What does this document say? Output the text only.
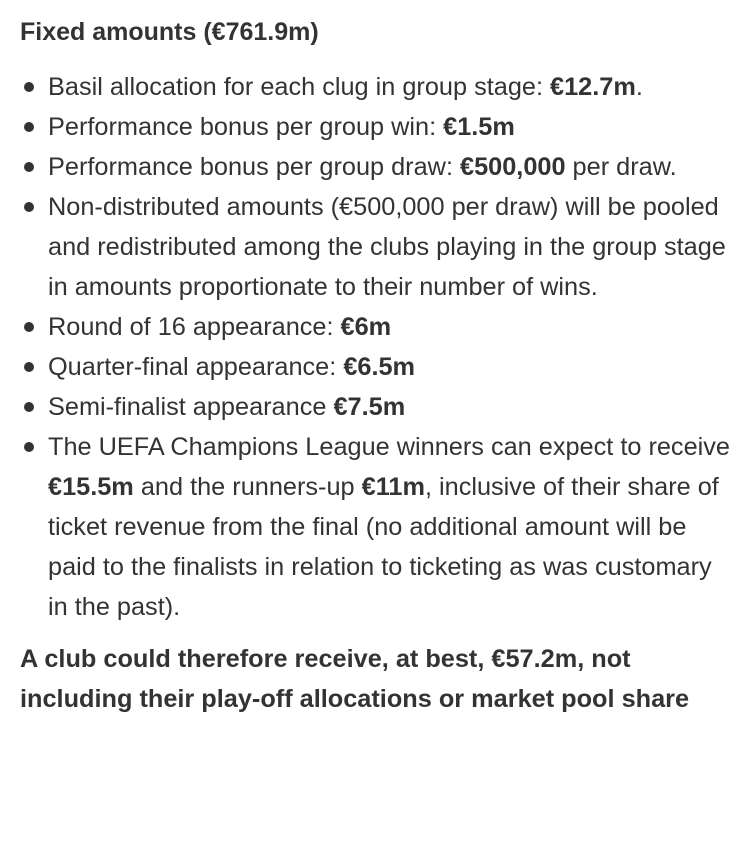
Fixed amounts (€761.9m)
Basil allocation for each clug in group stage: €12.7m.
Performance bonus per group win: €1.5m
Performance bonus per group draw: €500,000 per draw.
Non-distributed amounts (€500,000 per draw) will be pooled and redistributed among the clubs playing in the group stage in amounts proportionate to their number of wins.
Round of 16 appearance: €6m
Quarter-final appearance: €6.5m
Semi-finalist appearance €7.5m
The UEFA Champions League winners can expect to receive €15.5m and the runners-up €11m, inclusive of their share of ticket revenue from the final (no additional amount will be paid to the finalists in relation to ticketing as was customary in the past).

A club could therefore receive, at best, €57.2m, not including their play-off allocations or market pool share
